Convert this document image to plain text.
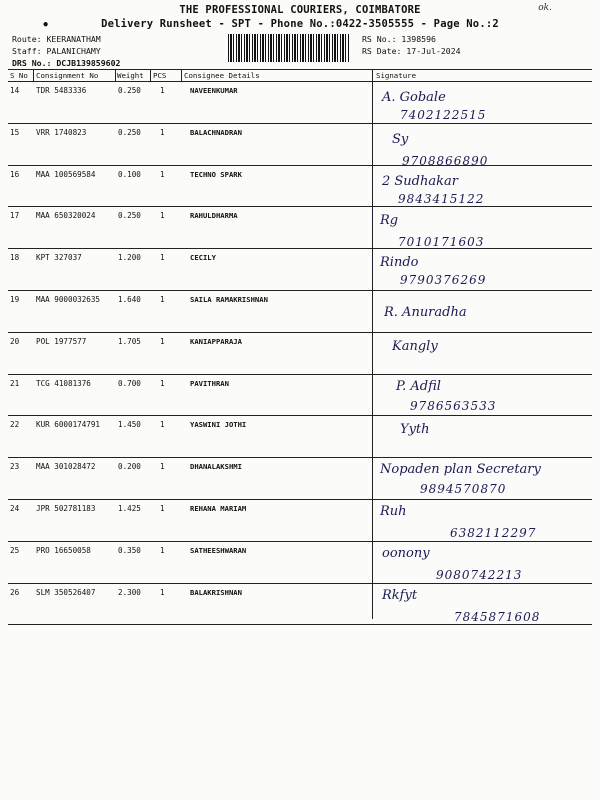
THE PROFESSIONAL COURIERS, COIMBATORE
Delivery Runsheet - SPT - Phone No.:0422-3505555 - Page No.:2
ok.
•
Route: KEERANATHAM
Staff: PALANICHAMY
DRS No.: DCJB139859602
RS No.: 1398596
RS Date: 17-Jul-2024
S No Consignment No	Weight PCS Consignee Details	Signature
14 TDR 5483336	0.250	1	NAVEENKUMAR	A. Gobale
7402122515
15 VRR 1740823	0.250	1	BALACHNADRAN	Sy
9708866890
16 MAA 100569584	0.100	1	TECHNO SPARK	2 Sudhakar
9843415122
17 MAA 650320024	0.250	1	RAHULDHARMA	Rg
7010171603
18 KPT 327037	1.200	1	CECILY	Rindo
9790376269
19 MAA 9000032635 1.640	1	SAILA RAMAKRISHNAN
R. Anuradha
20 POL 1977577	1.705	1	KANIAPPARAJA	Kangly
21 TCG 41081376	0.700	1	PAVITHRAN	P. Adfil
9786563533
22 KUR 6000174791 1.450	1	YASWINI JOTHI	Yyth
23 MAA 301028472	0.200	1	DHANALAKSHMI	Nopaden plan Secretary
9894570870
24 JPR 502781183	1.425	1	REHANA MARIAM	Ruh
6382112297
25 PRO 16650058	0.350	1	SATHEESHWARAN	oonony
9080742213
26 SLM 350526407	2.300	1	BALAKRISHNAN	Rkfyt
7845871608
